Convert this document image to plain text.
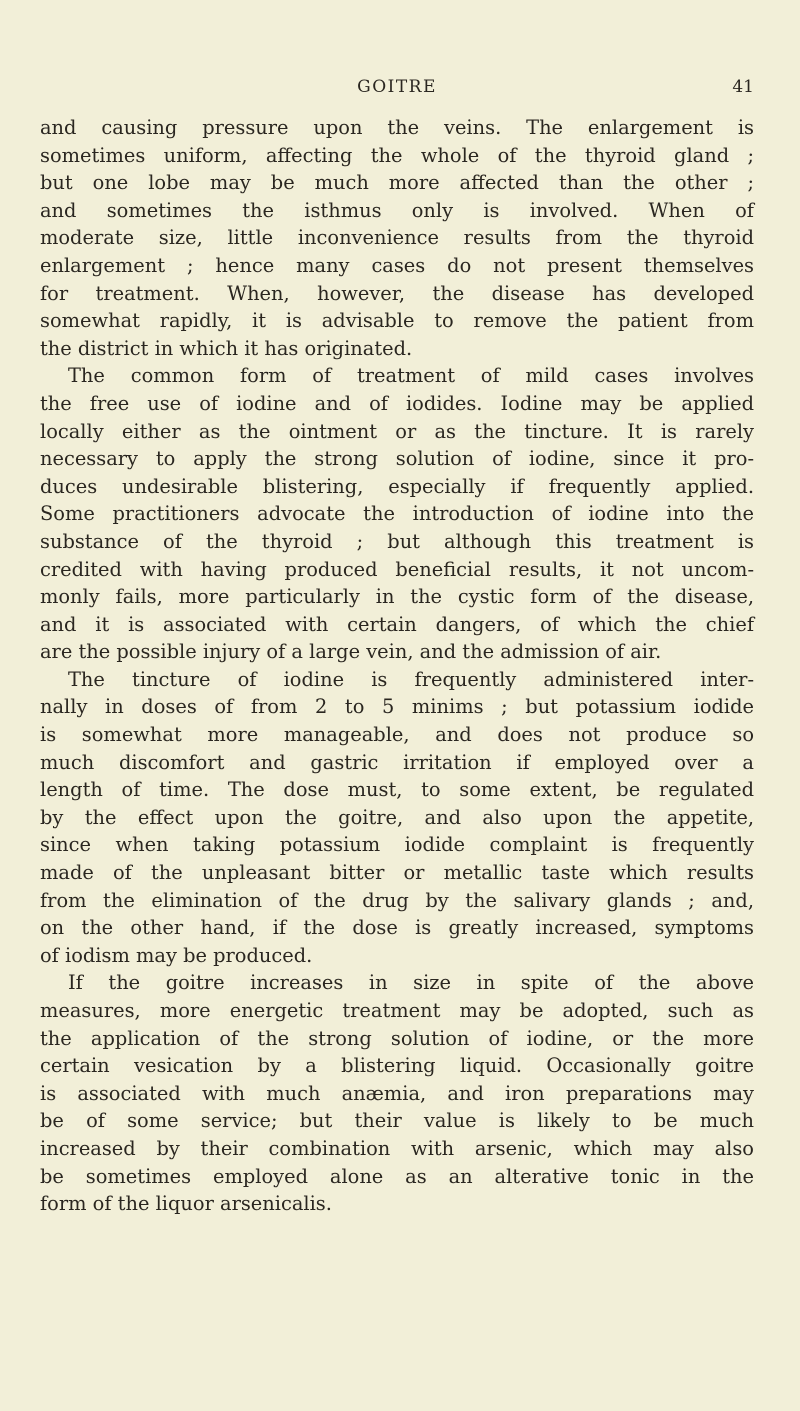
GOITRE	41
and causing pressure upon the veins. The enlargement is
sometimes uniform, affecting the whole of the thyroid gland ;
but one lobe may be much more affected than the other ;
and sometimes the isthmus only is involved. When of
moderate size, little inconvenience results from the thyroid
enlargement ; hence many cases do not present themselves
for treatment. When, however, the disease has developed
somewhat rapidly, it is advisable to remove the patient from
the district in which it has originated.
The common form of treatment of mild cases involves
the free use of iodine and of iodides. Iodine may be applied
locally either as the ointment or as the tincture. It is rarely
necessary to apply the strong solution of iodine, since it pro-
duces undesirable blistering, especially if frequently applied.
Some practitioners advocate the introduction of iodine into the
substance of the thyroid ; but although this treatment is
credited with having produced beneficial results, it not uncom-
monly fails, more particularly in the cystic form of the disease,
and it is associated with certain dangers, of which the chief
are the possible injury of a large vein, and the admission of air.
The tincture of iodine is frequently administered inter-
nally in doses of from 2 to 5 minims ; but potassium iodide
is somewhat more manageable, and does not produce so
much discomfort and gastric irritation if employed over a
length of time. The dose must, to some extent, be regulated
by the effect upon the goitre, and also upon the appetite,
since when taking potassium iodide complaint is frequently
made of the unpleasant bitter or metallic taste which results
from the elimination of the drug by the salivary glands ; and,
on the other hand, if the dose is greatly increased, symptoms
of iodism may be produced.
If the goitre increases in size in spite of the above
measures, more energetic treatment may be adopted, such as
the application of the strong solution of iodine, or the more
certain vesication by a blistering liquid. Occasionally goitre
is associated with much anæmia, and iron preparations may
be of some service; but their value is likely to be much
increased by their combination with arsenic, which may also
be sometimes employed alone as an alterative tonic in the
form of the liquor arsenicalis.
